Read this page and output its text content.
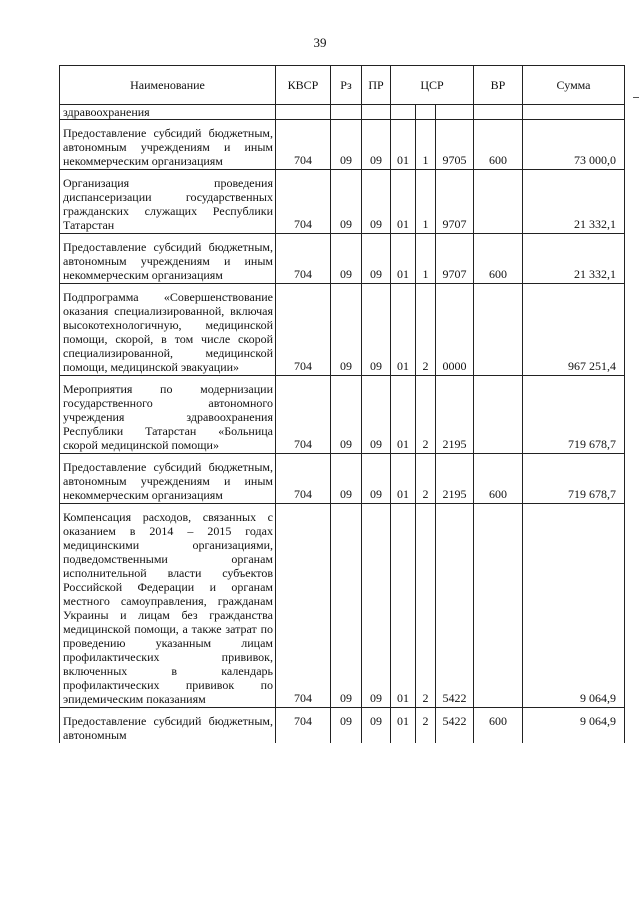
39
Наименование	КВСР	Рз	ПР	ЦСР			ВР	Сумма
здравоохранения								

Предоставление субсидий бюджетным, автономным учреждениям и иным некоммерческим организациям	704	09	09	01	1	9705	600	73 000,0

Организация проведения диспансеризации государственных гражданских служащих Республики Татарстан	704	09	09	01	1	9707		21 332,1

Предоставление субсидий бюджетным, автономным учреждениям и иным некоммерческим организациям	704	09	09	01	1	9707	600	21 332,1

Подпрограмма «Совершенствование оказания специализированной, включая высокотехнологичную, медицинской помощи, скорой, в том числе скорой специализированной, медицинской помощи, медицинской эвакуации»	704	09	09	01	2	0000		967 251,4

Мероприятия по модернизации государственного автономного учреждения здравоохранения Республики Татарстан «Больница скорой медицинской помощи»	704	09	09	01	2	2195		719 678,7

Предоставление субсидий бюджетным, автономным учреждениям и иным некоммерческим организациям	704	09	09	01	2	2195	600	719 678,7

Компенсация расходов, связанных с оказанием в 2014 – 2015 годах медицинскими организациями, подведомственными органам исполнительной власти субъектов Российской Федерации и органам местного самоуправления, гражданам Украины и лицам без гражданства медицинской помощи, а также затрат по проведению указанным лицам профилактических прививок, включенных в календарь профилактических прививок по эпидемическим показаниям	704	09	09	01	2	5422		9 064,9

Предоставление субсидий бюджетным, автономным	704	09	09	01	2	5422	600	9 064,9
